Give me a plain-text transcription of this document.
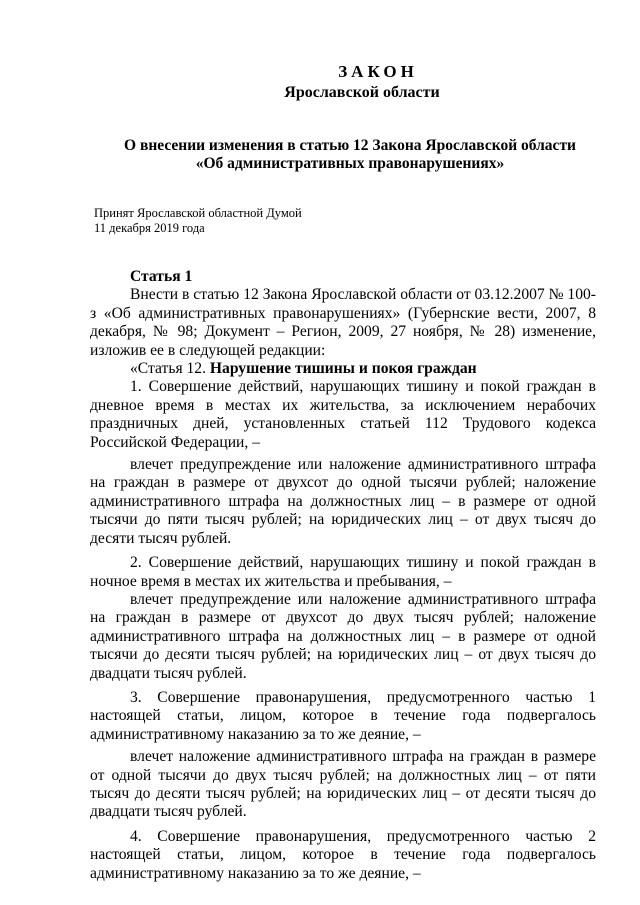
ЗАКОН
Ярославской области
О внесении изменения в статью 12 Закона Ярославской области
«Об административных правонарушениях»
Принят Ярославской областной Думой
11 декабря 2019 года

Статья 1

Внести в статью 12 Закона Ярославской области от 03.12.2007 № 100-з «Об административных правонарушениях» (Губернские вести, 2007, 8 декабря, № 98; Документ – Регион, 2009, 27 ноября, № 28) изменение, изложив ее в следующей редакции:

«Статья 12. Нарушение тишины и покоя граждан

1. Совершение действий, нарушающих тишину и покой граждан в дневное время в местах их жительства, за исключением нерабочих праздничных дней, установленных статьей 112 Трудового кодекса Российской Федерации, –

влечет предупреждение или наложение административного штрафа на граждан в размере от двухсот до одной тысячи рублей; наложение административного штрафа на должностных лиц – в размере от одной тысячи до пяти тысяч рублей; на юридических лиц – от двух тысяч до десяти тысяч рублей.

2. Совершение действий, нарушающих тишину и покой граждан в ночное время в местах их жительства и пребывания, –

влечет предупреждение или наложение административного штрафа на граждан в размере от двухсот до двух тысяч рублей; наложение административного штрафа на должностных лиц – в размере от одной тысячи до десяти тысяч рублей; на юридических лиц – от двух тысяч до двадцати тысяч рублей.

3. Совершение правонарушения, предусмотренного частью 1 настоящей статьи, лицом, которое в течение года подвергалось административному наказанию за то же деяние, –

влечет наложение административного штрафа на граждан в размере от одной тысячи до двух тысяч рублей; на должностных лиц – от пяти тысяч до десяти тысяч рублей; на юридических лиц – от десяти тысяч до двадцати тысяч рублей.

4. Совершение правонарушения, предусмотренного частью 2 настоящей статьи, лицом, которое в течение года подвергалось административному наказанию за то же деяние, –
